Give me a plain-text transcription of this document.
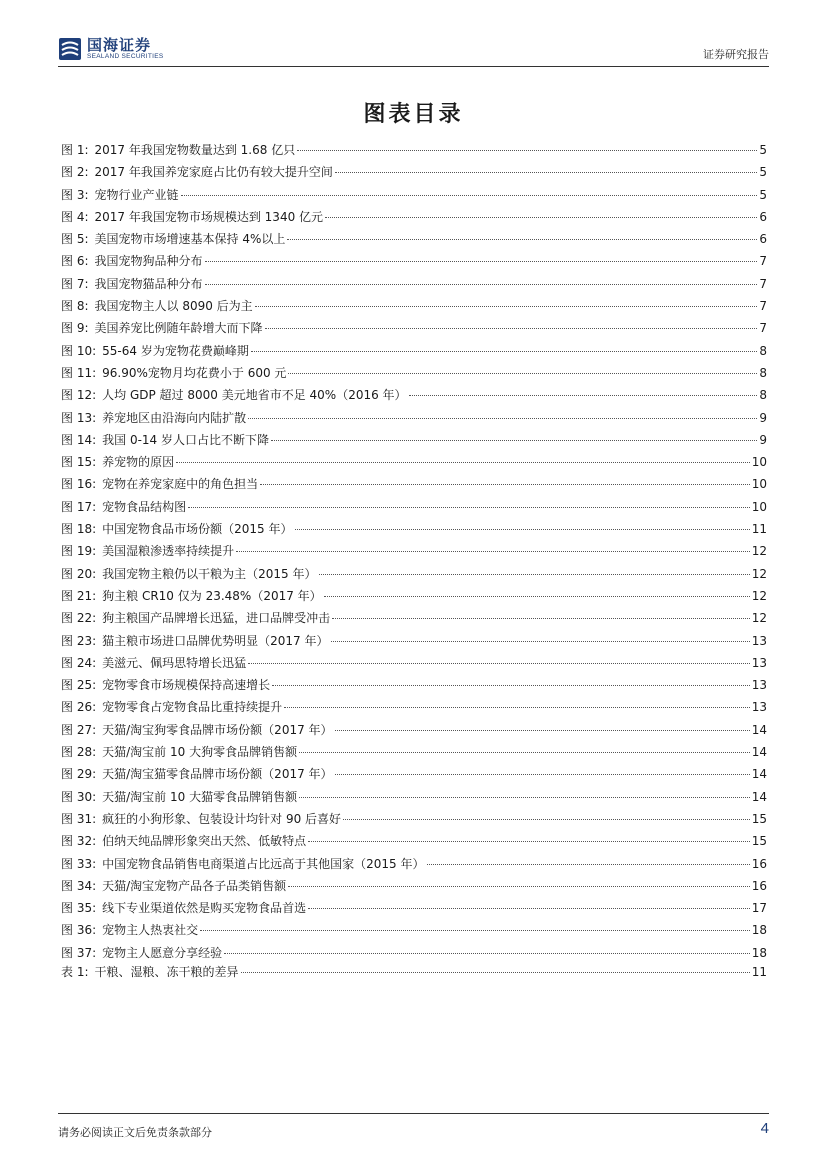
国海证券
SEALAND SECURITIES	证券研究报告
图表目录
图 1: 2017 年我国宠物数量达到 1.68 亿只	5
图 2: 2017 年我国养宠家庭占比仍有较大提升空间	5
图 3: 宠物行业产业链	5
图 4: 2017 年我国宠物市场规模达到 1340 亿元	6
图 5: 美国宠物市场增速基本保持 4%以上	6
图 6: 我国宠物狗品种分布	7
图 7: 我国宠物猫品种分布	7
图 8: 我国宠物主人以 8090 后为主	7
图 9: 美国养宠比例随年龄增大而下降	7
图 10: 55-64 岁为宠物花费巅峰期	8
图 11: 96.90%宠物月均花费小于 600 元	8
图 12: 人均 GDP 超过 8000 美元地省市不足 40%（2016 年）	8
图 13: 养宠地区由沿海向内陆扩散	9
图 14: 我国 0-14 岁人口占比不断下降	9
图 15: 养宠物的原因	10
图 16: 宠物在养宠家庭中的角色担当	10
图 17: 宠物食品结构图	10
图 18: 中国宠物食品市场份额（2015 年）	11
图 19: 美国湿粮渗透率持续提升	12
图 20: 我国宠物主粮仍以干粮为主（2015 年）	12
图 21: 狗主粮 CR10 仅为 23.48%（2017 年）	12
图 22: 狗主粮国产品牌增长迅猛，进口品牌受冲击	12
图 23: 猫主粮市场进口品牌优势明显（2017 年）	13
图 24: 美滋元、佩玛思特增长迅猛	13
图 25: 宠物零食市场规模保持高速增长	13
图 26: 宠物零食占宠物食品比重持续提升	13
图 27: 天猫/淘宝狗零食品牌市场份额（2017 年）	14
图 28: 天猫/淘宝前 10 大狗零食品牌销售额	14
图 29: 天猫/淘宝猫零食品牌市场份额（2017 年）	14
图 30: 天猫/淘宝前 10 大猫零食品牌销售额	14
图 31: 疯狂的小狗形象、包装设计均针对 90 后喜好	15
图 32: 伯纳天纯品牌形象突出天然、低敏特点	15
图 33: 中国宠物食品销售电商渠道占比远高于其他国家（2015 年）	16
图 34: 天猫/淘宝宠物产品各子品类销售额	16
图 35: 线下专业渠道依然是购买宠物食品首选	17
图 36: 宠物主人热衷社交	18
图 37: 宠物主人愿意分享经验	18
表 1: 干粮、湿粮、冻干粮的差异	11
请务必阅读正文后免责条款部分	4
